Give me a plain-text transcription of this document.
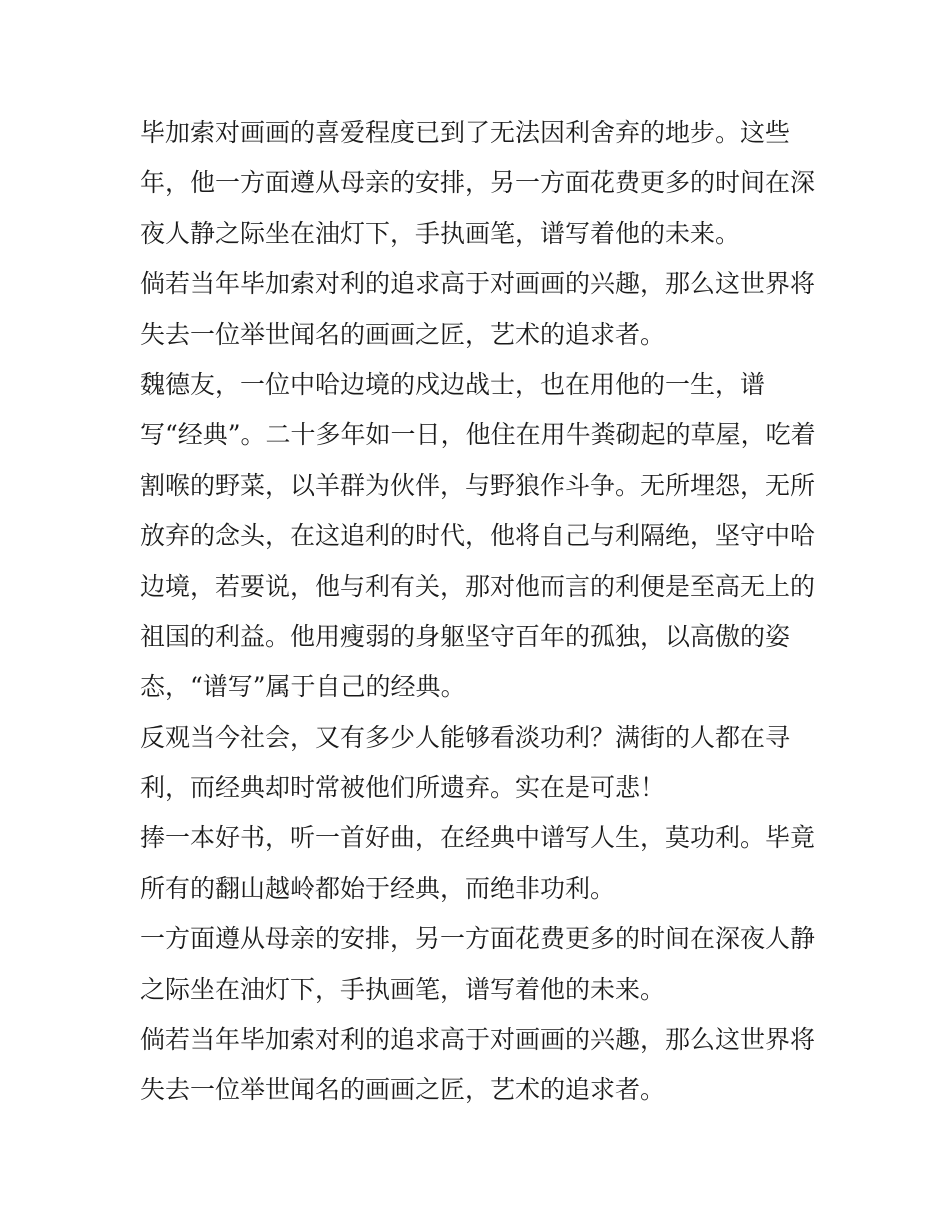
毕加索对画画的喜爱程度已到了无法因利舍弃的地步。这些
年，他一方面遵从母亲的安排，另一方面花费更多的时间在深
夜人静之际坐在油灯下，手执画笔，谱写着他的未来。
倘若当年毕加索对利的追求高于对画画的兴趣，那么这世界将
失去一位举世闻名的画画之匠，艺术的追求者。
魏德友，一位中哈边境的戍边战士，也在用他的一生，谱
写“经典”。二十多年如一日，他住在用牛粪砌起的草屋，吃着
割喉的野菜，以羊群为伙伴，与野狼作斗争。无所埋怨，无所
放弃的念头，在这追利的时代，他将自己与利隔绝，坚守中哈
边境，若要说，他与利有关，那对他而言的利便是至高无上的
祖国的利益。他用瘦弱的身躯坚守百年的孤独，以高傲的姿
态，“谱写”属于自己的经典。
反观当今社会，又有多少人能够看淡功利？满街的人都在寻
利，而经典却时常被他们所遗弃。实在是可悲！
捧一本好书，听一首好曲，在经典中谱写人生，莫功利。毕竟
所有的翻山越岭都始于经典，而绝非功利。
一方面遵从母亲的安排，另一方面花费更多的时间在深夜人静
之际坐在油灯下，手执画笔，谱写着他的未来。
倘若当年毕加索对利的追求高于对画画的兴趣，那么这世界将
失去一位举世闻名的画画之匠，艺术的追求者。
